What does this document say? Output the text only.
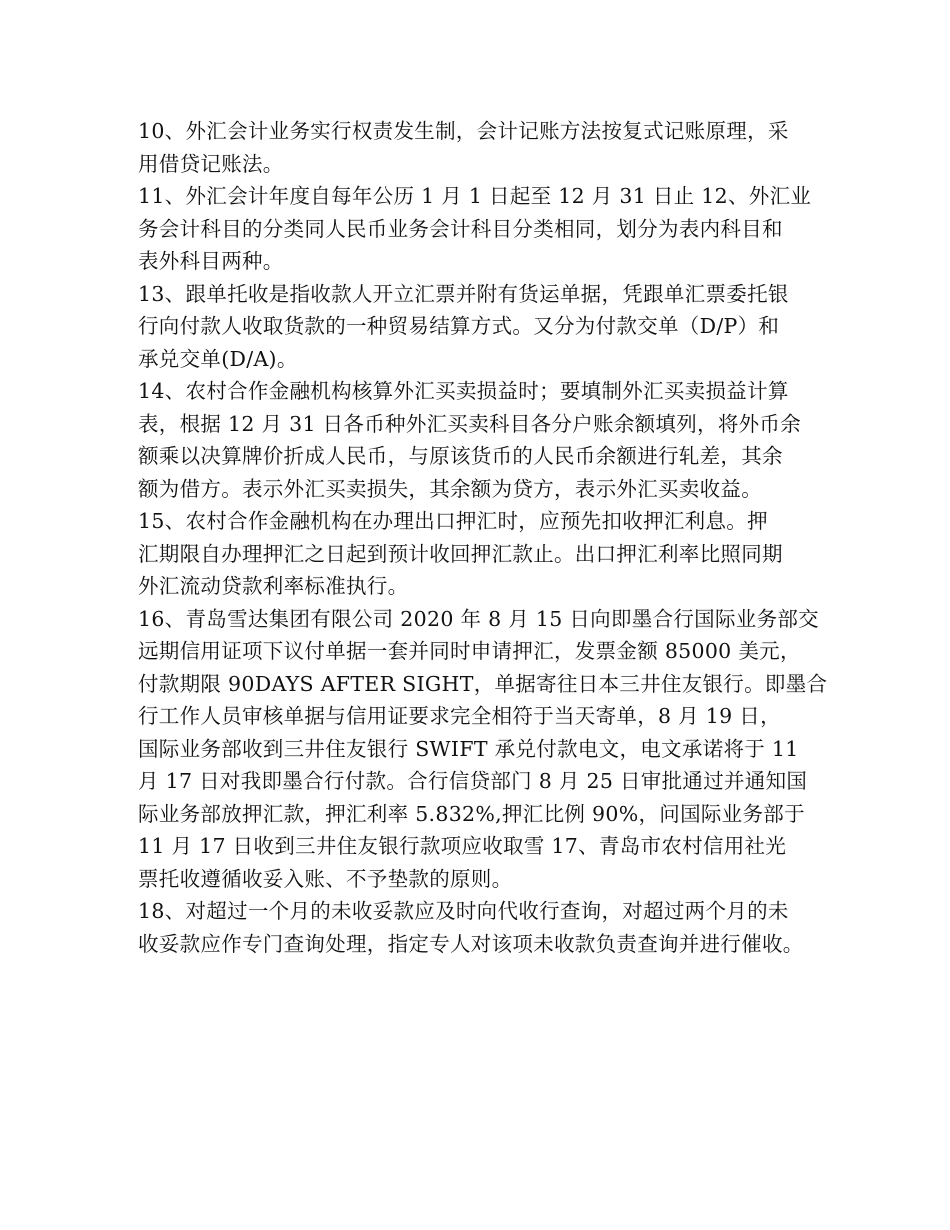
10、外汇会计业务实行权责发生制，会计记账方法按复式记账原理，采
用借贷记账法。
11、外汇会计年度自每年公历 1 月 1 日起至 12 月 31 日止 12、外汇业
务会计科目的分类同人民币业务会计科目分类相同，划分为表内科目和
表外科目两种。
13、跟单托收是指收款人开立汇票并附有货运单据，凭跟单汇票委托银
行向付款人收取货款的一种贸易结算方式。又分为付款交单（D/P）和
承兑交单(D/A)。
14、农村合作金融机构核算外汇买卖损益时；要填制外汇买卖损益计算
表，根据 12 月 31 日各币种外汇买卖科目各分户账余额填列，将外币余
额乘以决算牌价折成人民币，与原该货币的人民币余额进行轧差，其余
额为借方。表示外汇买卖损失，其余额为贷方，表示外汇买卖收益。
15、农村合作金融机构在办理出口押汇时，应预先扣收押汇利息。押
汇期限自办理押汇之日起到预计收回押汇款止。出口押汇利率比照同期
外汇流动贷款利率标准执行。
16、青岛雪达集团有限公司 2020 年 8 月 15 日向即墨合行国际业务部交
远期信用证项下议付单据一套并同时申请押汇，发票金额 85000 美元，
付款期限 90DAYS AFTER SIGHT，单据寄往日本三井住友银行。即墨合
行工作人员审核单据与信用证要求完全相符于当天寄单，8 月 19 日，
国际业务部收到三井住友银行 SWIFT 承兑付款电文，电文承诺将于 11
月 17 日对我即墨合行付款。合行信贷部门 8 月 25 日审批通过并通知国
际业务部放押汇款，押汇利率 5.832%,押汇比例 90%，问国际业务部于
11 月 17 日收到三井住友银行款项应收取雪 17、青岛市农村信用社光
票托收遵循收妥入账、不予垫款的原则。
18、对超过一个月的未收妥款应及时向代收行查询，对超过两个月的未
收妥款应作专门查询处理，指定专人对该项未收款负责查询并进行催收。
